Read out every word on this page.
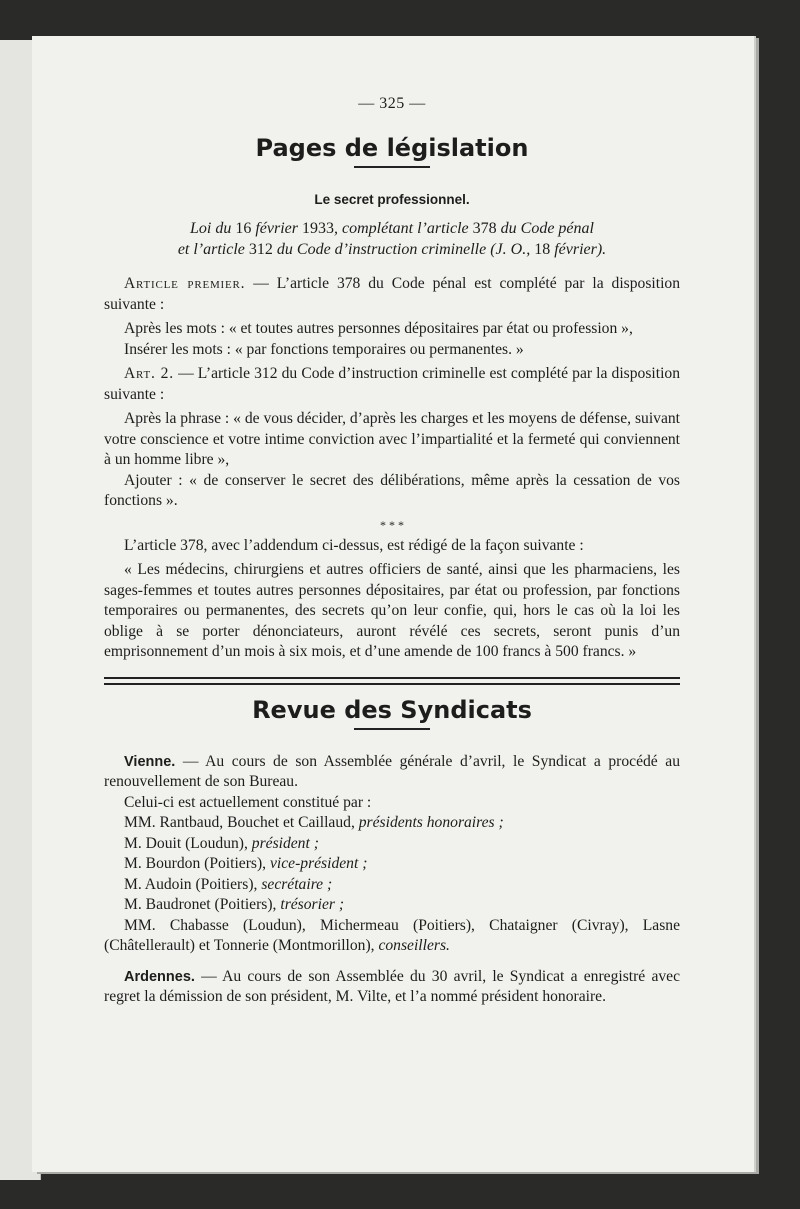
— 325 —
Pages de législation
Le secret professionnel.
Loi du 16 février 1933, complétant l’article 378 du Code pénal
et l’article 312 du Code d’instruction criminelle (J. O., 18 février).

Article premier. — L’article 378 du Code pénal est complété par la disposition suivante :

Après les mots : « et toutes autres personnes dépositaires par état ou profession »,

Insérer les mots : « par fonctions temporaires ou permanentes. »

Art. 2. — L’article 312 du Code d’instruction criminelle est complété par la disposition suivante :

Après la phrase : « de vous décider, d’après les charges et les moyens de défense, suivant votre conscience et votre intime conviction avec l’impartialité et la fermeté qui conviennent à un homme libre »,

Ajouter : « de conserver le secret des délibérations, même après la cessation de vos fonctions ».

* * *

L’article 378, avec l’addendum ci-dessus, est rédigé de la façon suivante :

« Les médecins, chirurgiens et autres officiers de santé, ainsi que les pharmaciens, les sages-femmes et toutes autres personnes dépositaires, par état ou profession, par fonctions temporaires ou permanentes, des secrets qu’on leur confie, qui, hors le cas où la loi les oblige à se porter dénonciateurs, auront révélé ces secrets, seront punis d’un emprisonnement d’un mois à six mois, et d’une amende de 100 francs à 500 francs. »

Revue des Syndicats

Vienne. — Au cours de son Assemblée générale d’avril, le Syndicat a procédé au renouvellement de son Bureau.

Celui-ci est actuellement constitué par :

MM. Rantbaud, Bouchet et Caillaud, présidents honoraires ;

M. Douit (Loudun), président ;

M. Bourdon (Poitiers), vice-président ;

M. Audoin (Poitiers), secrétaire ;

M. Baudronet (Poitiers), trésorier ;

MM. Chabasse (Loudun), Michermeau (Poitiers), Chataigner (Civray), Lasne (Châtellerault) et Tonnerie (Montmorillon), conseillers.

Ardennes. — Au cours de son Assemblée du 30 avril, le Syndicat a enregistré avec regret la démission de son président, M. Vilte, et l’a nommé président honoraire.
